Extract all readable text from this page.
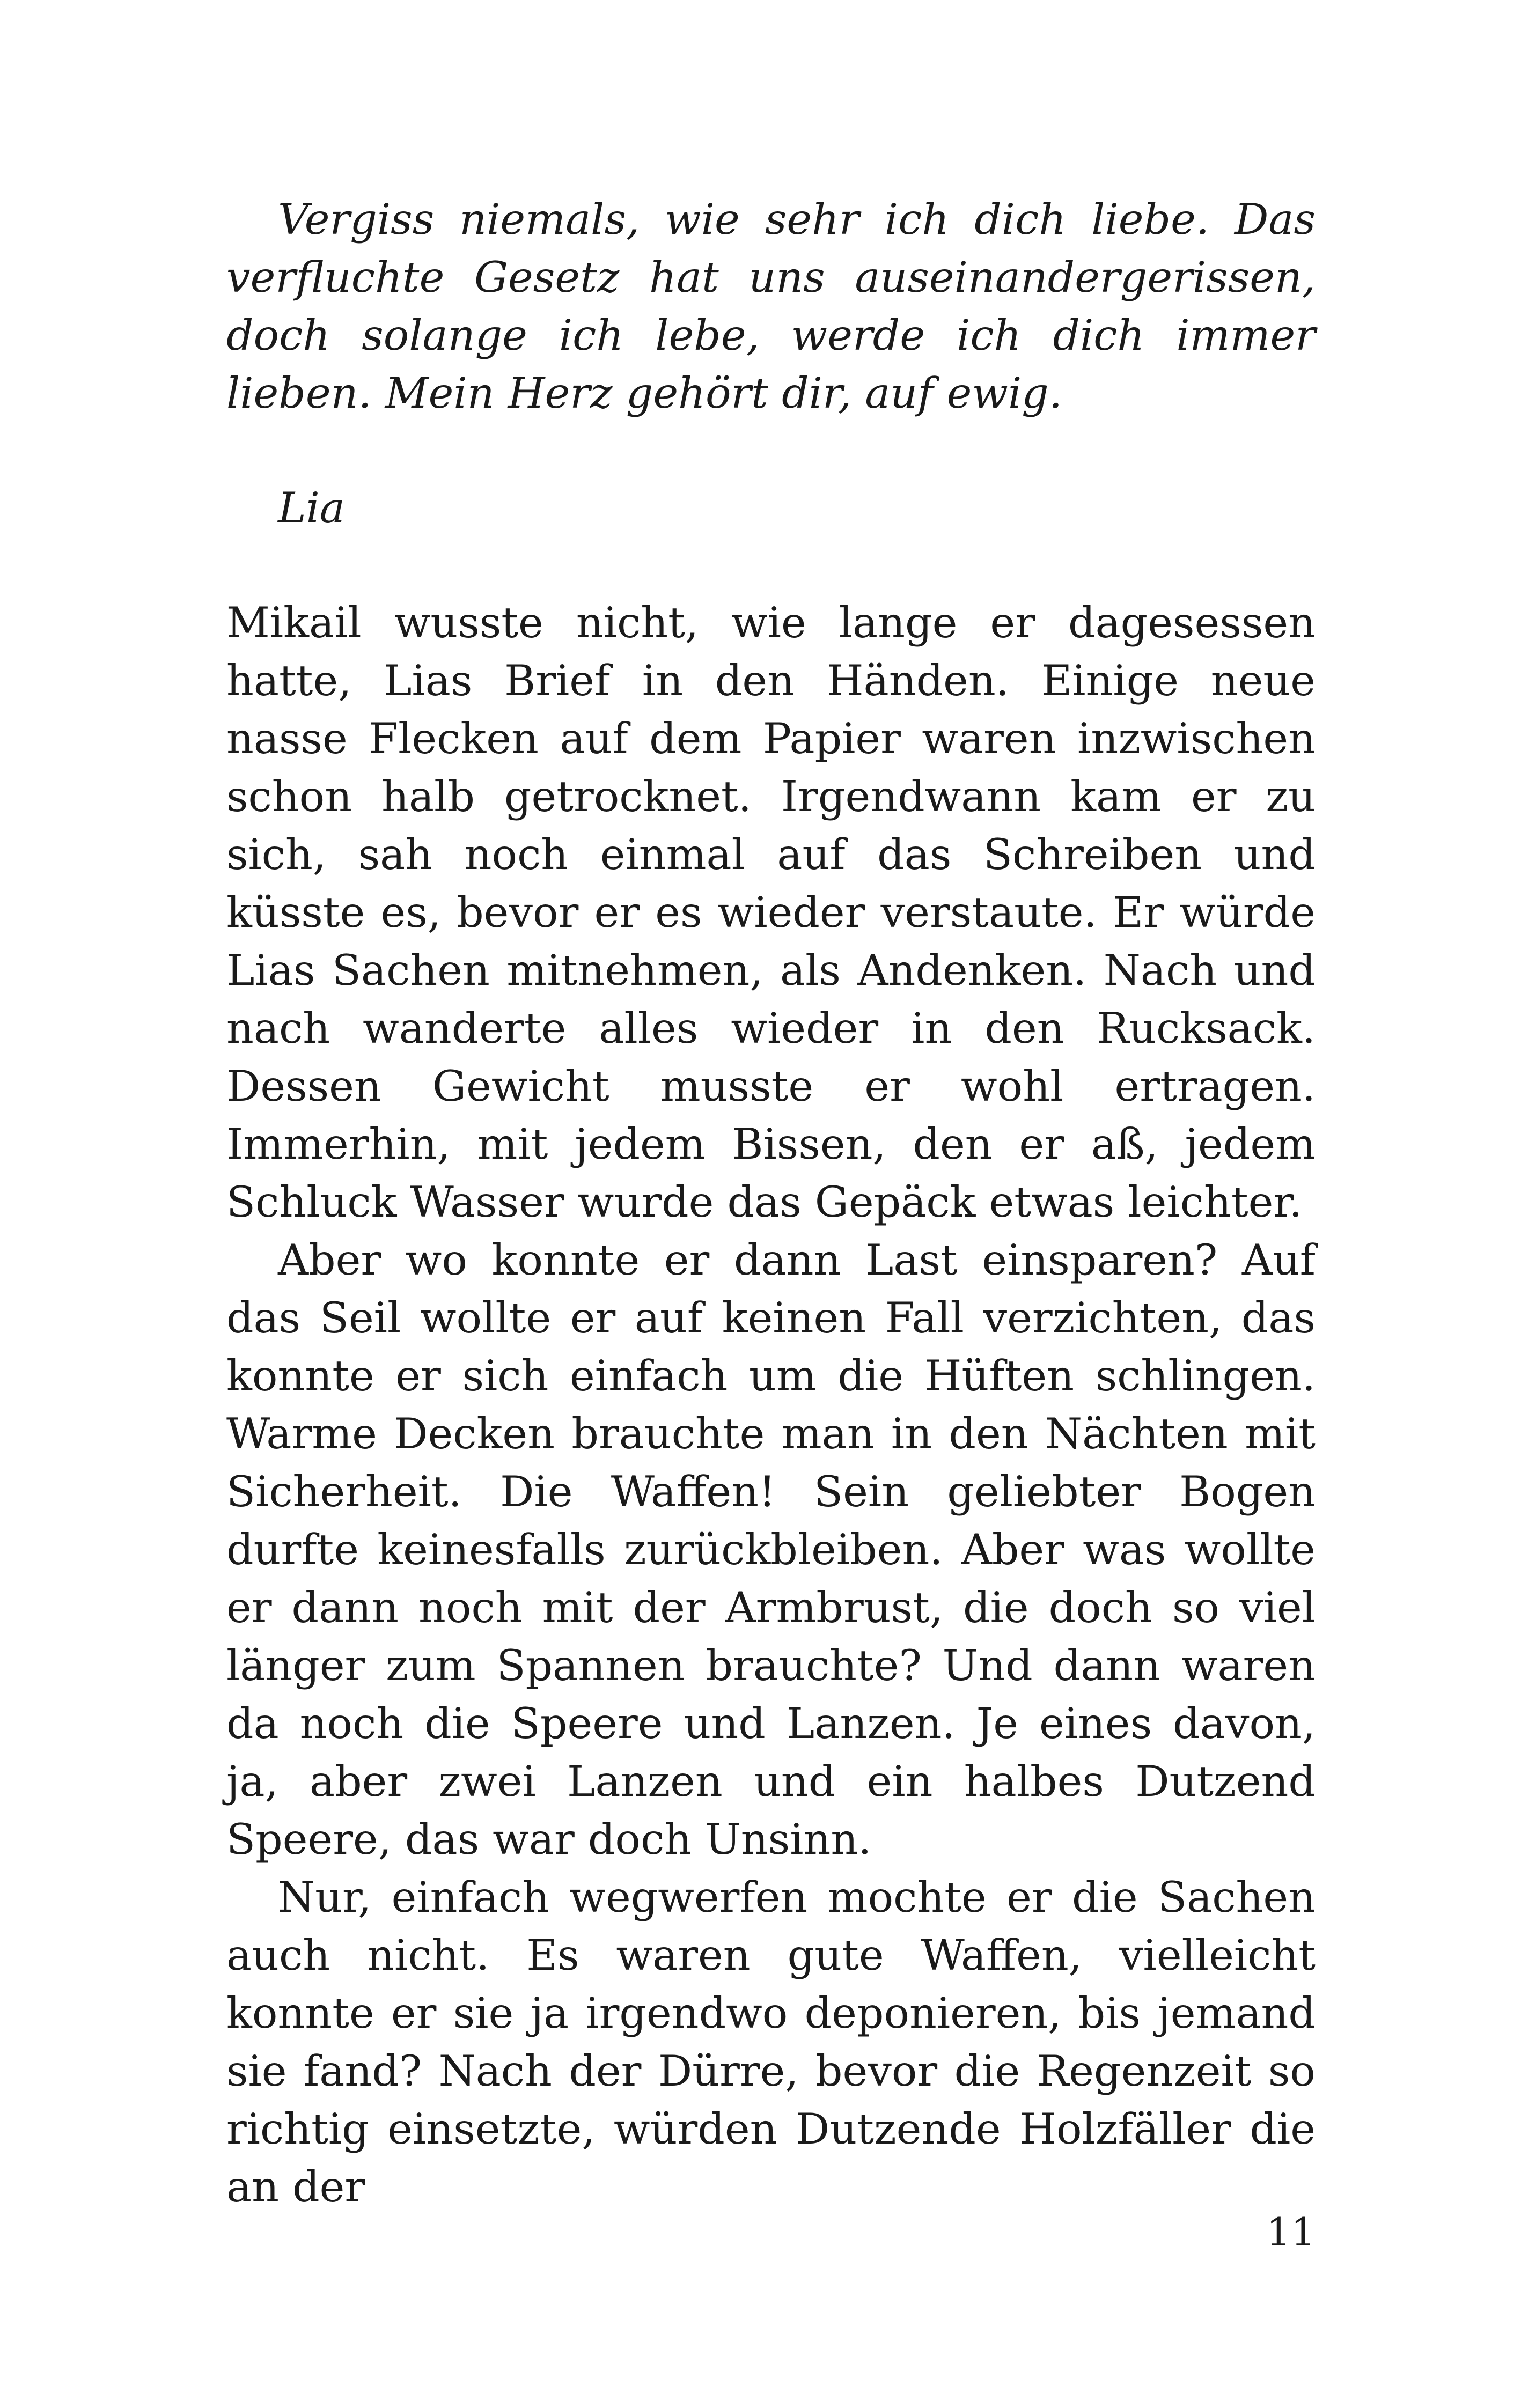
Vergiss niemals, wie sehr ich dich liebe. Das verfluchte Gesetz hat uns auseinandergerissen, doch solange ich lebe, werde ich dich immer lieben. Mein Herz gehört dir, auf ewig.

Lia

Mikail wusste nicht, wie lange er dagesessen hatte, Lias Brief in den Händen. Einige neue nasse Flecken auf dem Papier waren inzwischen schon halb getrocknet. Irgendwann kam er zu sich, sah noch einmal auf das Schreiben und küsste es, bevor er es wieder verstaute. Er würde Lias Sachen mitnehmen, als Andenken. Nach und nach wanderte alles wieder in den Rucksack. Dessen Gewicht musste er wohl ertragen. Immerhin, mit jedem Bissen, den er aß, jedem Schluck Wasser wurde das Gepäck etwas leichter.

Aber wo konnte er dann Last einsparen? Auf das Seil wollte er auf keinen Fall verzichten, das konnte er sich einfach um die Hüften schlingen. Warme Decken brauchte man in den Nächten mit Sicherheit. Die Waffen! Sein geliebter Bogen durfte keinesfalls zurückbleiben. Aber was wollte er dann noch mit der Armbrust, die doch so viel länger zum Spannen brauchte? Und dann waren da noch die Speere und Lanzen. Je eines davon, ja, aber zwei Lanzen und ein halbes Dutzend Speere, das war doch Unsinn.

Nur, einfach wegwerfen mochte er die Sachen auch nicht. Es waren gute Waffen, vielleicht konnte er sie ja irgendwo deponieren, bis jemand sie fand? Nach der Dürre, bevor die Regenzeit so richtig einsetzte, würden Dutzende Holzfäller die an der

11
